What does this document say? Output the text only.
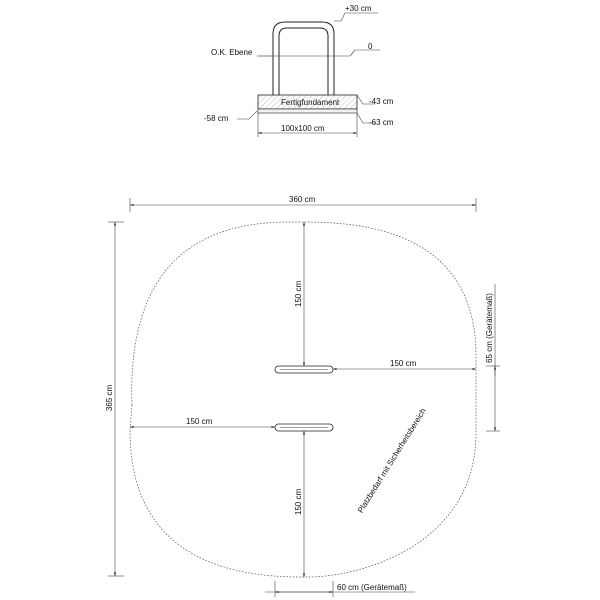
Fertigfundament
+30 cm
O.K. Ebene
0
-43 cm
-63 cm
-58 cm
100x100 cm
360 cm
365 cm
150 cm
150 cm
150 cm
150 cm
65 cm (Gerätemaß)
60 cm (Gerätemaß)
Platzbedarf mit Sicherheitsbereich
